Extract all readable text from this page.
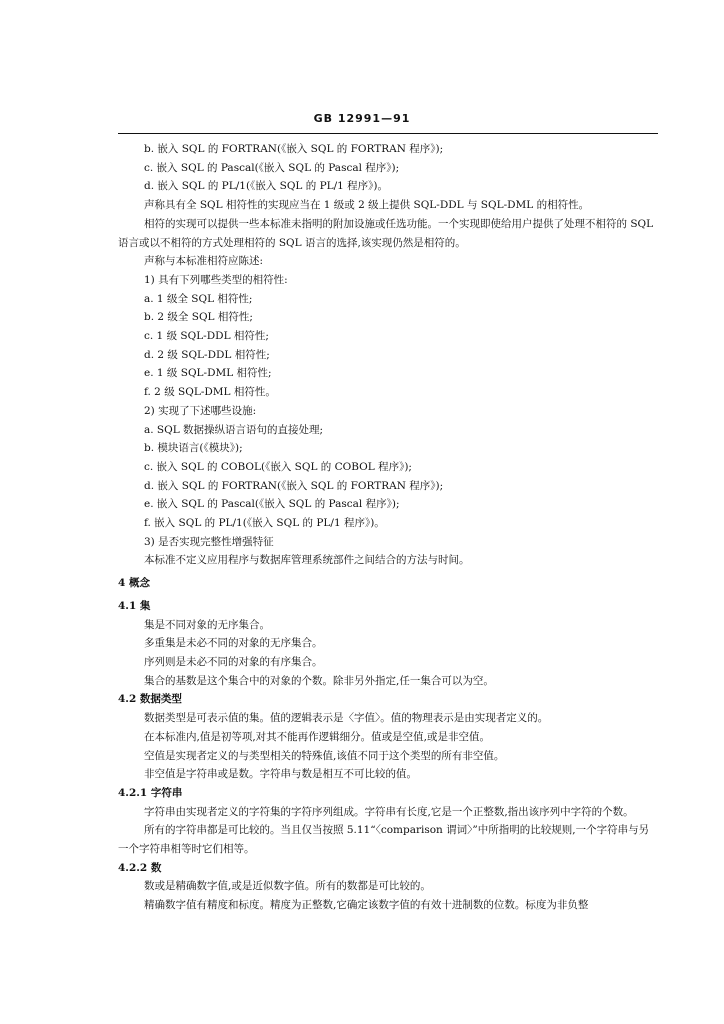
GB 12991—91

b. 嵌入 SQL 的 FORTRAN(《嵌入 SQL 的 FORTRAN 程序》);

c. 嵌入 SQL 的 Pascal(《嵌入 SQL 的 Pascal 程序》);

d. 嵌入 SQL 的 PL/1(《嵌入 SQL 的 PL/1 程序》)。

声称具有全 SQL 相符性的实现应当在 1 级或 2 级上提供 SQL-DDL 与 SQL-DML 的相符性。

相符的实现可以提供一些本标准未指明的附加设施或任选功能。一个实现即使给用户提供了处理不相符的 SQL 语言或以不相符的方式处理相符的 SQL 语言的选择,该实现仍然是相符的。

声称与本标准相符应陈述:

1) 具有下列哪些类型的相符性:

a. 1 级全 SQL 相符性;

b. 2 级全 SQL 相符性;

c. 1 级 SQL-DDL 相符性;

d. 2 级 SQL-DDL 相符性;

e. 1 级 SQL-DML 相符性;

f. 2 级 SQL-DML 相符性。

2) 实现了下述哪些设施:

a. SQL 数据操纵语言语句的直接处理;

b. 模块语言(《模块》);

c. 嵌入 SQL 的 COBOL(《嵌入 SQL 的 COBOL 程序》);

d. 嵌入 SQL 的 FORTRAN(《嵌入 SQL 的 FORTRAN 程序》);

e. 嵌入 SQL 的 Pascal(《嵌入 SQL 的 Pascal 程序》);

f. 嵌入 SQL 的 PL/1(《嵌入 SQL 的 PL/1 程序》)。

3) 是否实现完整性增强特征

本标准不定义应用程序与数据库管理系统部件之间结合的方法与时间。

4 概念

4.1 集

集是不同对象的无序集合。

多重集是未必不同的对象的无序集合。

序列则是未必不同的对象的有序集合。

集合的基数是这个集合中的对象的个数。除非另外指定,任一集合可以为空。

4.2 数据类型

数据类型是可表示值的集。值的逻辑表示是〈字值〉。值的物理表示是由实现者定义的。

在本标准内,值是初等项,对其不能再作逻辑细分。值或是空值,或是非空值。

空值是实现者定义的与类型相关的特殊值,该值不同于这个类型的所有非空值。

非空值是字符串或是数。字符串与数是相互不可比较的值。

4.2.1 字符串

字符串由实现者定义的字符集的字符序列组成。字符串有长度,它是一个正整数,指出该序列中字符的个数。

所有的字符串都是可比较的。当且仅当按照 5.11“〈comparison 谓词〉”中所指明的比较规则,一个字符串与另一个字符串相等时它们相等。

4.2.2 数

数或是精确数字值,或是近似数字值。所有的数都是可比较的。

精确数字值有精度和标度。精度为正整数,它确定该数字值的有效十进制数的位数。标度为非负整
